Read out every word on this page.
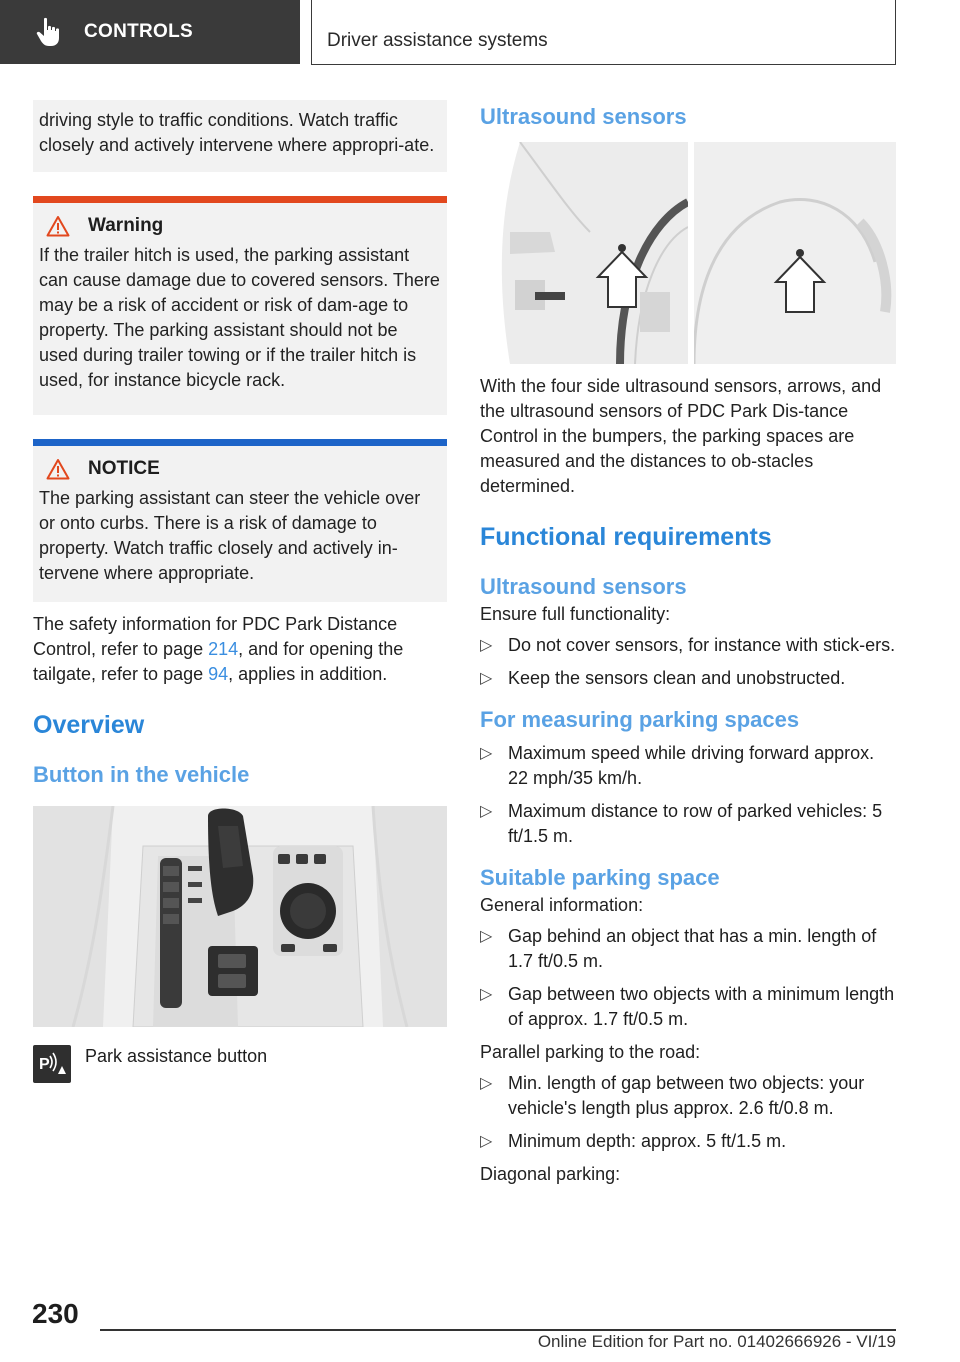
CONTROLS	Driver assistance systems

driving style to traffic conditions. Watch traffic closely and actively intervene where appropri-ate.

Warning

If the trailer hitch is used, the parking assistant can cause damage due to covered sensors. There may be a risk of accident or risk of dam-age to property. The parking assistant should not be used during trailer towing or if the trailer hitch is used, for instance bicycle rack.

NOTICE

The parking assistant can steer the vehicle over or onto curbs. There is a risk of damage to property. Watch traffic closely and actively in-tervene where appropriate.

The safety information for PDC Park Distance Control, refer to page 214, and for opening the tailgate, refer to page 94, applies in addition.

Overview
Button in the vehicle
P Park assistance button
Ultrasound sensors

With the four side ultrasound sensors, arrows, and the ultrasound sensors of PDC Park Dis-tance Control in the bumpers, the parking spaces are measured and the distances to ob-stacles determined.

Functional requirements
Ultrasound sensors

Ensure full functionality:

▷ Do not cover sensors, for instance with stick-ers.
▷ Keep the sensors clean and unobstructed.
For measuring parking spaces
▷ Maximum speed while driving forward approx. 22 mph/35 km/h.
▷ Maximum distance to row of parked vehicles: 5 ft/1.5 m.
Suitable parking space

General information:

▷ Gap behind an object that has a min. length of 1.7 ft/0.5 m.
▷ Gap between two objects with a minimum length of approx. 1.7 ft/0.5 m.

Parallel parking to the road:

▷ Min. length of gap between two objects: your vehicle's length plus approx. 2.6 ft/0.8 m.
▷ Minimum depth: approx. 5 ft/1.5 m.

Diagonal parking:

230
Online Edition for Part no. 01402666926 - VI/19
